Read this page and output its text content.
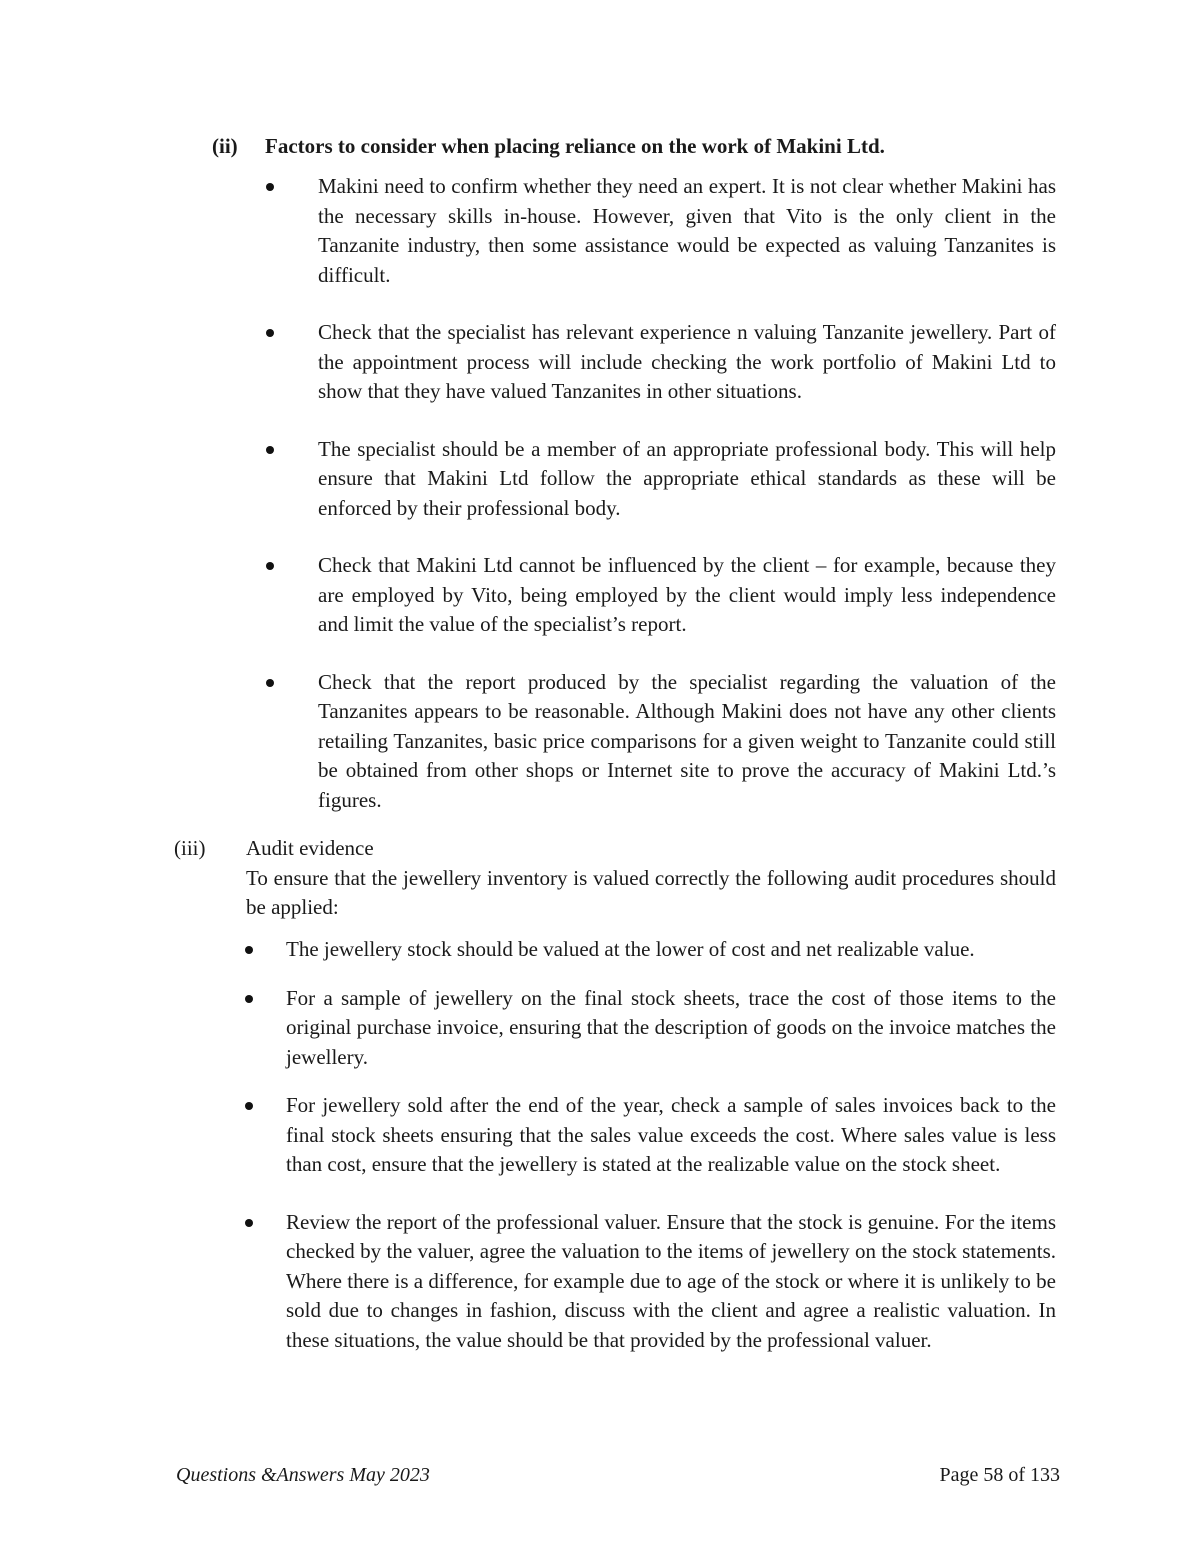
(ii) Factors to consider when placing reliance on the work of Makini Ltd.
Makini need to confirm whether they need an expert. It is not clear whether Makini has the necessary skills in-house. However, given that Vito is the only client in the Tanzanite industry, then some assistance would be expected as valuing Tanzanites is difficult.
Check that the specialist has relevant experience n valuing Tanzanite jewellery. Part of the appointment process will include checking the work portfolio of Makini Ltd to show that they have valued Tanzanites in other situations.
The specialist should be a member of an appropriate professional body. This will help ensure that Makini Ltd follow the appropriate ethical standards as these will be enforced by their professional body.
Check that Makini Ltd cannot be influenced by the client – for example, because they are employed by Vito, being employed by the client would imply less independence and limit the value of the specialist’s report.
Check that the report produced by the specialist regarding the valuation of the Tanzanites appears to be reasonable. Although Makini does not have any other clients retailing Tanzanites, basic price comparisons for a given weight to Tanzanite could still be obtained from other shops or Internet site to prove the accuracy of Makini Ltd.’s figures.
(iii) Audit evidence
To ensure that the jewellery inventory is valued correctly the following audit procedures should be applied:
The jewellery stock should be valued at the lower of cost and net realizable value.
For a sample of jewellery on the final stock sheets, trace the cost of those items to the original purchase invoice, ensuring that the description of goods on the invoice matches the jewellery.
For jewellery sold after the end of the year, check a sample of sales invoices back to the final stock sheets ensuring that the sales value exceeds the cost. Where sales value is less than cost, ensure that the jewellery is stated at the realizable value on the stock sheet.
Review the report of the professional valuer. Ensure that the stock is genuine. For the items checked by the valuer, agree the valuation to the items of jewellery on the stock statements. Where there is a difference, for example due to age of the stock or where it is unlikely to be sold due to changes in fashion, discuss with the client and agree a realistic valuation. In these situations, the value should be that provided by the professional valuer.
Questions &Answers May 2023	Page 58 of 133
